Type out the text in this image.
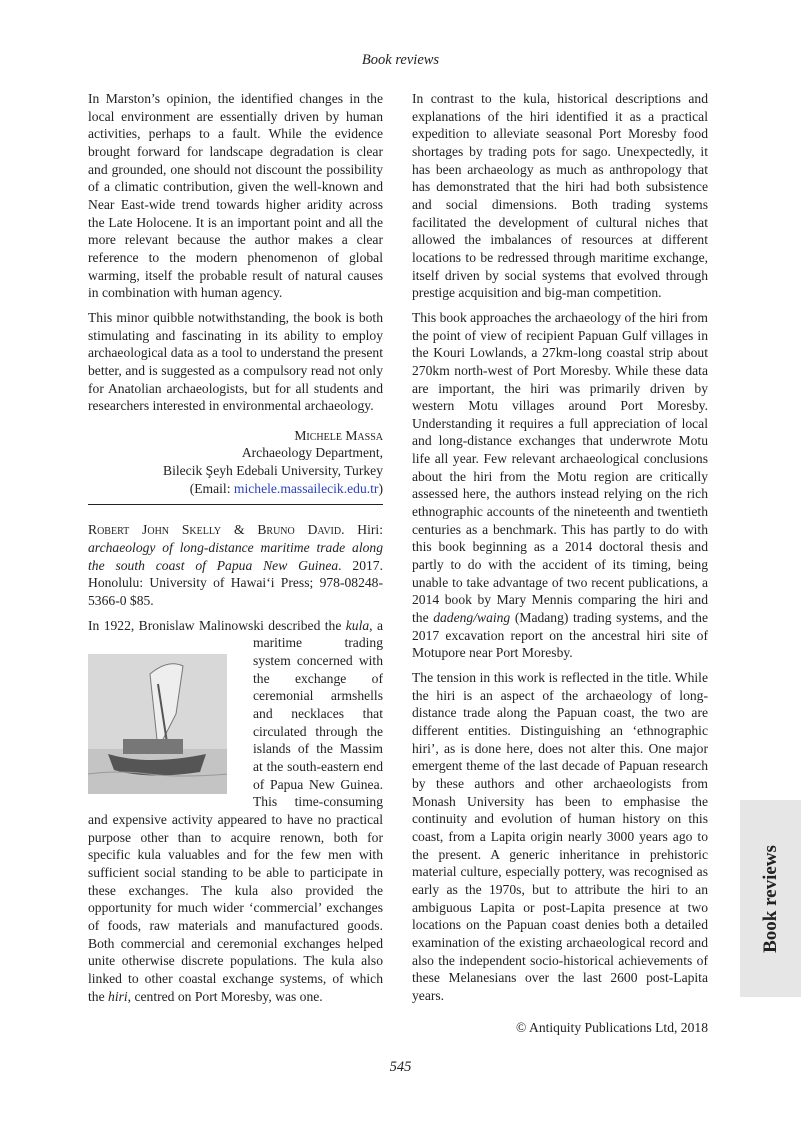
Book reviews

In Marston’s opinion, the identified changes in the local environment are essentially driven by human activities, perhaps to a fault. While the evidence brought forward for landscape degradation is clear and grounded, one should not discount the possibility of a climatic contribution, given the well-known and Near East-wide trend towards higher aridity across the Late Holocene. It is an important point and all the more relevant because the author makes a clear reference to the modern phenomenon of global warming, itself the probable result of natural causes in combination with human agency.

This minor quibble notwithstanding, the book is both stimulating and fascinating in its ability to employ archaeological data as a tool to understand the present better, and is suggested as a compulsory read not only for Anatolian archaeologists, but for all students and researchers interested in environmental archaeology.

Michele Massa
Archaeology Department,
Bilecik Şeyh Edebali University, Turkey
(Email: michele.massailecik.edu.tr)

Robert John Skelly & Bruno David. Hiri: archaeology of long-distance maritime trade along the south coast of Papua New Guinea. 2017. Honolulu: University of Hawai‘i Press; 978-08248-5366-0 $85.

In 1922, Bronislaw Malinowski described the kula, a maritime trading system concerned with the exchange of ceremonial armshells and necklaces that circulated through the islands of the Massim at the south-eastern end of Papua New Guinea. This time-consuming and expensive activity appeared to have no practical purpose other than to acquire renown, both for specific kula valuables and for the few men with sufficient social standing to be able to participate in these exchanges. The kula also provided the opportunity for much wider ‘commercial’ exchanges of foods, raw materials and manufactured goods. Both commercial and ceremonial exchanges helped unite otherwise discrete populations. The kula also linked to other coastal exchange systems, of which the hiri, centred on Port Moresby, was one.

In contrast to the kula, historical descriptions and explanations of the hiri identified it as a practical expedition to alleviate seasonal Port Moresby food shortages by trading pots for sago. Unexpectedly, it has been archaeology as much as anthropology that has demonstrated that the hiri had both subsistence and social dimensions. Both trading systems facilitated the development of cultural niches that allowed the imbalances of resources at different locations to be redressed through maritime exchange, itself driven by social systems that evolved through prestige acquisition and big-man competition.

This book approaches the archaeology of the hiri from the point of view of recipient Papuan Gulf villages in the Kouri Lowlands, a 27km-long coastal strip about 270km north-west of Port Moresby. While these data are important, the hiri was primarily driven by western Motu villages around Port Moresby. Understanding it requires a full appreciation of local and long-distance exchanges that underwrote Motu life all year. Few relevant archaeological conclusions about the hiri from the Motu region are critically assessed here, the authors instead relying on the rich ethnographic accounts of the nineteenth and twentieth centuries as a benchmark. This has partly to do with this book beginning as a 2014 doctoral thesis and partly to do with the accident of its timing, being unable to take advantage of two recent publications, a 2014 book by Mary Mennis comparing the hiri and the dadeng/waing (Madang) trading systems, and the 2017 excavation report on the ancestral hiri site of Motupore near Port Moresby.

The tension in this work is reflected in the title. While the hiri is an aspect of the archaeology of long-distance trade along the Papuan coast, the two are different entities. Distinguishing an ‘ethnographic hiri’, as is done here, does not alter this. One major emergent theme of the last decade of Papuan research by these authors and other archaeologists from Monash University has been to emphasise the continuity and evolution of human history on this coast, from a Lapita origin nearly 3000 years ago to the present. A generic inheritance in prehistoric material culture, especially pottery, was recognised as early as the 1970s, but to attribute the hiri to an ambiguous Lapita or post-Lapita presence at two locations on the Papuan coast denies both a detailed examination of the existing archaeological record and also the independent socio-historical achievements of these Melanesians over the last 2600 post-Lapita years.

© Antiquity Publications Ltd, 2018
545
Book reviews
